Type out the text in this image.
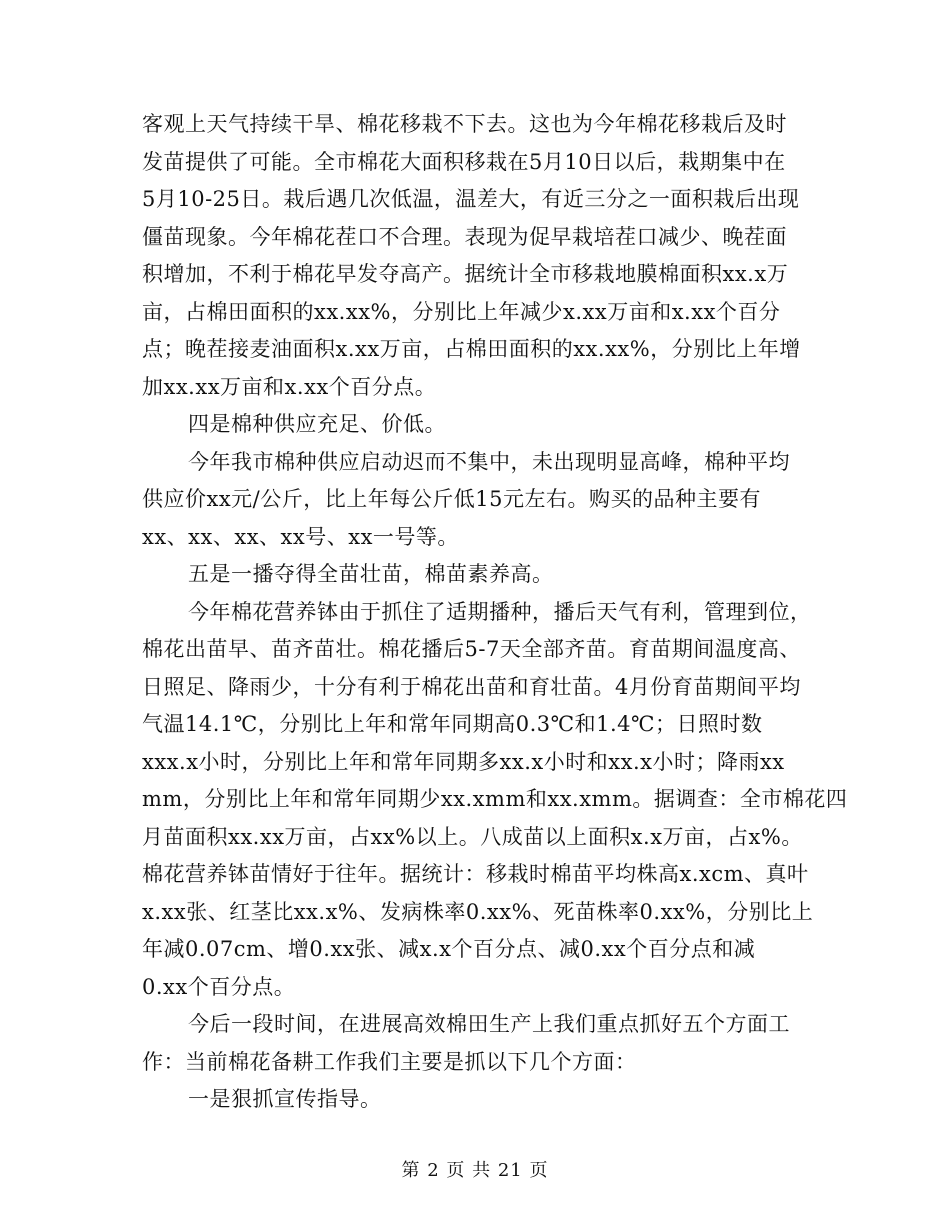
客观上天气持续干旱、棉花移栽不下去。这也为今年棉花移栽后及时
发苗提供了可能。全市棉花大面积移栽在5月10日以后，栽期集中在
5月10-25日。栽后遇几次低温，温差大，有近三分之一面积栽后出现
僵苗现象。今年棉花茬口不合理。表现为促早栽培茬口减少、晚茬面
积增加，不利于棉花早发夺高产。据统计全市移栽地膜棉面积xx.x万
亩，占棉田面积的xx.xx%，分别比上年减少x.xx万亩和x.xx个百分
点；晚茬接麦油面积x.xx万亩，占棉田面积的xx.xx%，分别比上年增
加xx.xx万亩和x.xx个百分点。
四是棉种供应充足、价低。
今年我市棉种供应启动迟而不集中，未出现明显高峰，棉种平均
供应价xx元/公斤，比上年每公斤低15元左右。购买的品种主要有
xx、xx、xx、xx号、xx一号等。
五是一播夺得全苗壮苗，棉苗素养高。
今年棉花营养钵由于抓住了适期播种，播后天气有利，管理到位，
棉花出苗早、苗齐苗壮。棉花播后5-7天全部齐苗。育苗期间温度高、
日照足、降雨少，十分有利于棉花出苗和育壮苗。4月份育苗期间平均
气温14.1℃，分别比上年和常年同期高0.3℃和1.4℃；日照时数
xxx.x小时，分别比上年和常年同期多xx.x小时和xx.x小时；降雨xx
mm，分别比上年和常年同期少xx.xmm和xx.xmm。据调查：全市棉花四
月苗面积xx.xx万亩，占xx%以上。八成苗以上面积x.x万亩，占x%。
棉花营养钵苗情好于往年。据统计：移栽时棉苗平均株高x.xcm、真叶
x.xx张、红茎比xx.x%、发病株率0.xx%、死苗株率0.xx%，分别比上
年减0.07cm、增0.xx张、减x.x个百分点、减0.xx个百分点和减
0.xx个百分点。
今后一段时间，在进展高效棉田生产上我们重点抓好五个方面工
作：当前棉花备耕工作我们主要是抓以下几个方面：
一是狠抓宣传指导。
第 2 页 共 21 页
